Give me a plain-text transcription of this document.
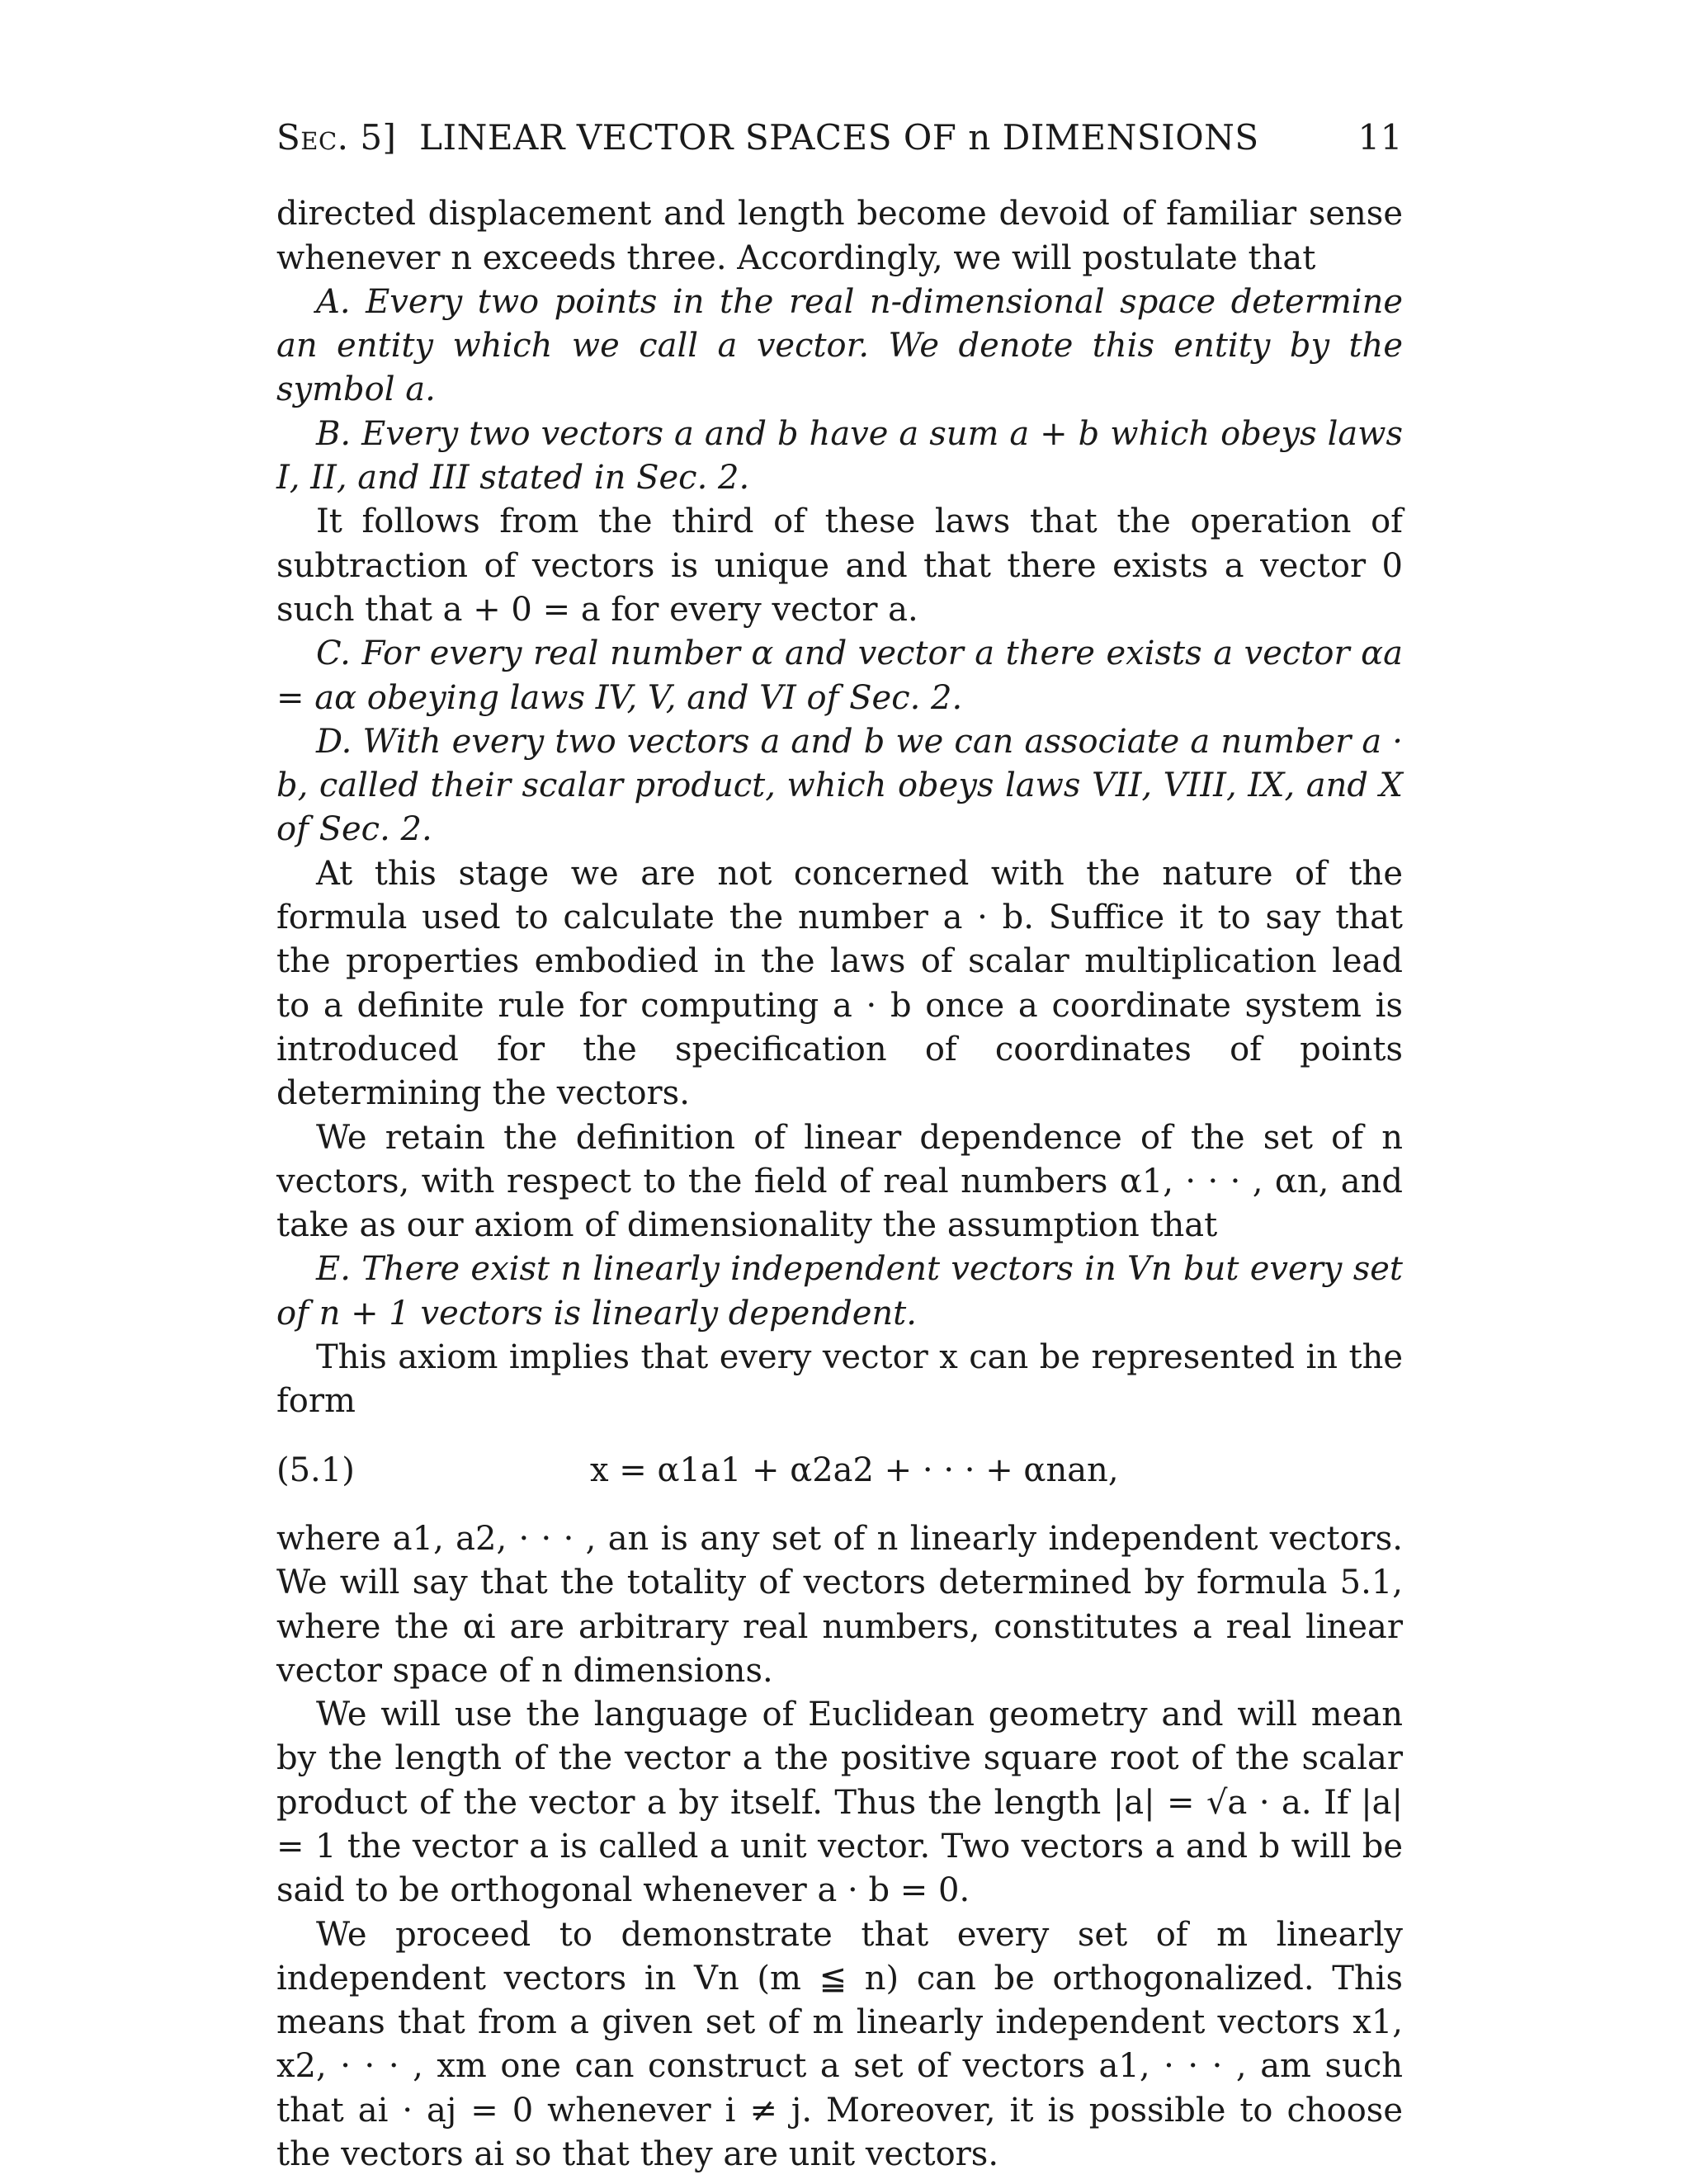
Sec. 5] LINEAR VECTOR SPACES OF n DIMENSIONS	11

directed displacement and length become devoid of familiar sense whenever n exceeds three. Accordingly, we will postulate that

A. Every two points in the real n-dimensional space determine an entity which we call a vector. We denote this entity by the symbol a.

B. Every two vectors a and b have a sum a + b which obeys laws I, II, and III stated in Sec. 2.

It follows from the third of these laws that the operation of subtraction of vectors is unique and that there exists a vector 0 such that a + 0 = a for every vector a.

C. For every real number α and vector a there exists a vector αa = aα obeying laws IV, V, and VI of Sec. 2.

D. With every two vectors a and b we can associate a number a · b, called their scalar product, which obeys laws VII, VIII, IX, and X of Sec. 2.

At this stage we are not concerned with the nature of the formula used to calculate the number a · b. Suffice it to say that the properties embodied in the laws of scalar multiplication lead to a definite rule for computing a · b once a coordinate system is introduced for the specification of coordinates of points determining the vectors.

We retain the definition of linear dependence of the set of n vectors, with respect to the field of real numbers α1, · · · , αn, and take as our axiom of dimensionality the assumption that

E. There exist n linearly independent vectors in Vn but every set of n + 1 vectors is linearly dependent.

This axiom implies that every vector x can be represented in the form

(5.1)	x = α1a1 + α2a2 + · · · + αnan,

where a1, a2, · · · , an is any set of n linearly independent vectors. We will say that the totality of vectors determined by formula 5.1, where the αi are arbitrary real numbers, constitutes a real linear vector space of n dimensions.

We will use the language of Euclidean geometry and will mean by the length of the vector a the positive square root of the scalar product of the vector a by itself. Thus the length |a| = √a · a. If |a| = 1 the vector a is called a unit vector. Two vectors a and b will be said to be orthogonal whenever a · b = 0.

We proceed to demonstrate that every set of m linearly independent vectors in Vn (m ≦ n) can be orthogonalized. This means that from a given set of m linearly independent vectors x1, x2, · · · , xm one can construct a set of vectors a1, · · · , am such that ai · aj = 0 whenever i ≠ j. Moreover, it is possible to choose the vectors ai so that they are unit vectors.
